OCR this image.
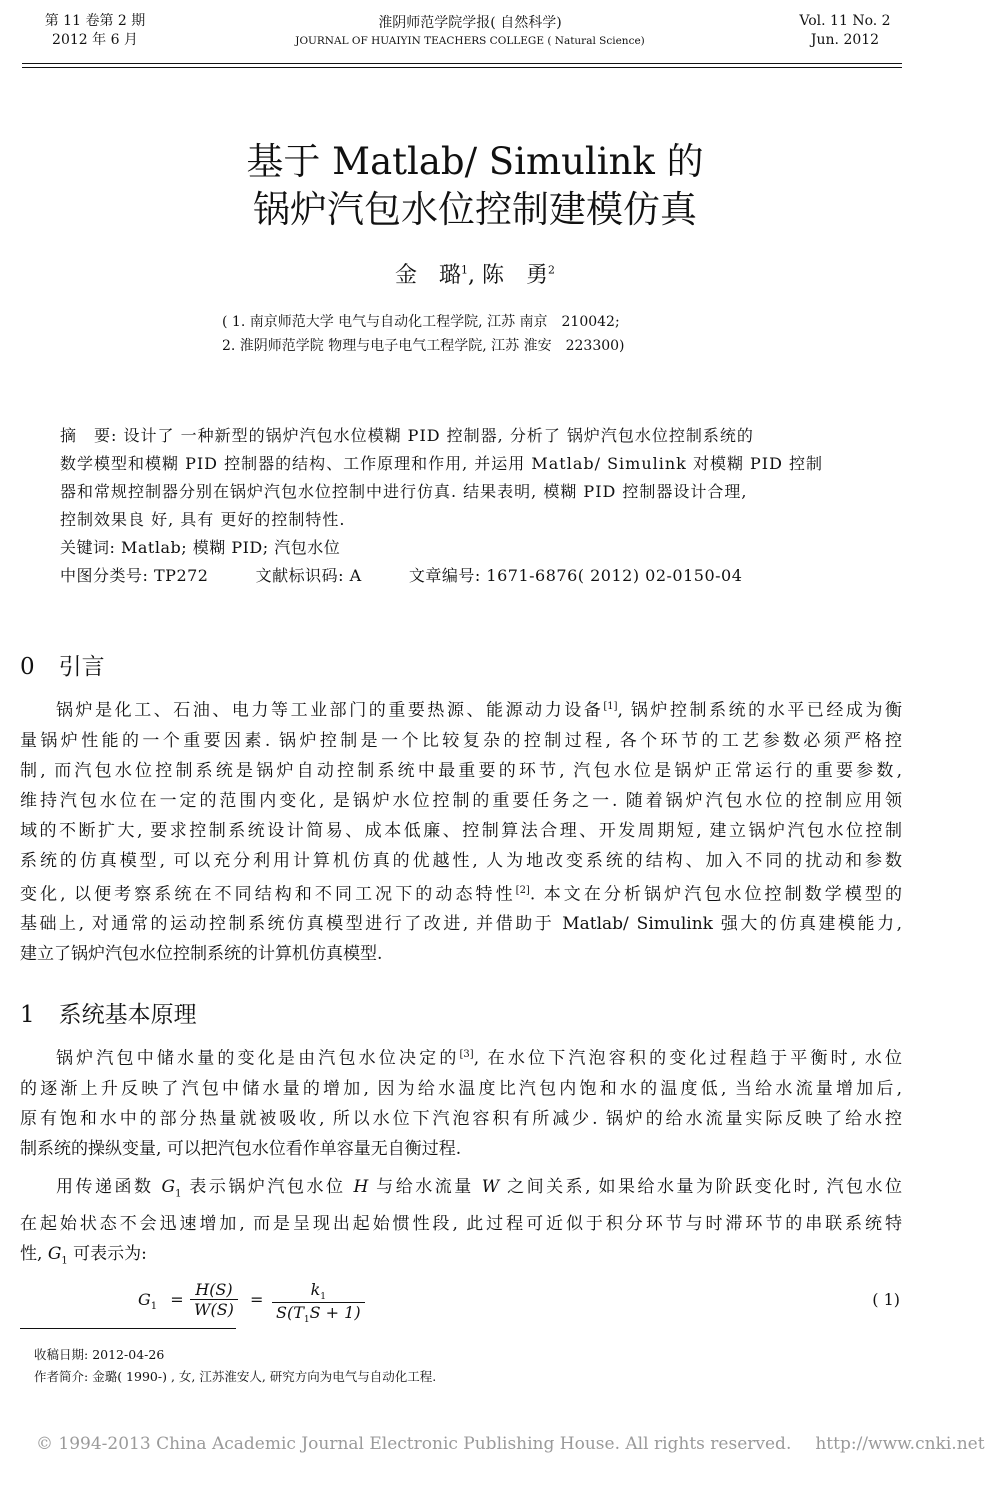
第 11 卷第 2 期
2012 年 6 月
淮阴师范学院学报( 自然科学)
JOURNAL OF HUAIYIN TEACHERS COLLEGE ( Natural Science)
Vol. 11 No. 2
Jun. 2012
基于 Matlab/ Simulink 的
锅炉汽包水位控制建模仿真
金　璐$^1$, 陈　勇$^2$
( 1. 南京师范大学 电气与自动化工程学院, 江苏 南京　210042;
2. 淮阴师范学院 物理与电子电气工程学院, 江苏 淮安　223300)
摘　要: 设计了 一种新型的锅炉汽包水位模糊 PID 控制器, 分析了 锅炉汽包水位控制系统的
数学模型和模糊 PID 控制器的结构、工作原理和作用, 并运用 Matlab/ Simulink 对模糊 PID 控制
器和常规控制器分别在锅炉汽包水位控制中进行仿真. 结果表明, 模糊 PID 控制器设计合理,
控制效果良 好, 具有 更好的控制特性.
关键词: Matlab; 模糊 PID; 汽包水位
中图分类号: TP272	文献标识码: A	文章编号: 1671-6876( 2012) 02-0150-04
0 引言
锅炉是化工、石油、电力等工业部门的重要热源、能源动力设备[1], 锅炉控制系统的水平已经成为衡
量锅炉性能的一个重要因素. 锅炉控制是一个比较复杂的控制过程, 各个环节的工艺参数必须严格控
制, 而汽包水位控制系统是锅炉自动控制系统中最重要的环节, 汽包水位是锅炉正常运行的重要参数,
维持汽包水位在一定的范围内变化, 是锅炉水位控制的重要任务之一. 随着锅炉汽包水位的控制应用领
域的不断扩大, 要求控制系统设计简易、成本低廉、控制算法合理、开发周期短, 建立锅炉汽包水位控制
系统的仿真模型, 可以充分利用计算机仿真的优越性, 人为地改变系统的结构、加入不同的扰动和参数
变化, 以便考察系统在不同结构和不同工况下的动态特性[2]. 本文在分析锅炉汽包水位控制数学模型的
基础上, 对通常的运动控制系统仿真模型进行了改进, 并借助于 Matlab/ Simulink 强大的仿真建模能力,
建立了锅炉汽包水位控制系统的计算机仿真模型.
1 系统基本原理
锅炉汽包中储水量的变化是由汽包水位决定的[3], 在水位下汽泡容积的变化过程趋于平衡时, 水位
的逐渐上升反映了汽包中储水量的增加, 因为给水温度比汽包内饱和水的温度低, 当给水流量增加后,
原有饱和水中的部分热量就被吸收, 所以水位下汽泡容积有所减少. 锅炉的给水流量实际反映了给水控
制系统的操纵变量, 可以把汽包水位看作单容量无自衡过程.
用传递函数 $G_1$ 表示锅炉汽包水位 H 与给水流量 W 之间关系, 如果给水量为阶跃变化时, 汽包水位
在起始状态不会迅速增加, 而是呈现出起始惯性段, 此过程可近似于积分环节与时滞环节的串联系统特
性, $G_1$ 可表示为:
$G_1 = \frac{H(S)}{W(S)} = \frac{k_1}{S(T_1S + 1)}$	( 1)
收稿日期: 2012-04-26
作者简介: 金璐( 1990-) , 女, 江苏淮安人, 研究方向为电气与自动化工程.
© 1994-2013 China Academic Journal Electronic Publishing House. All rights reserved. http://www.cnki.net
